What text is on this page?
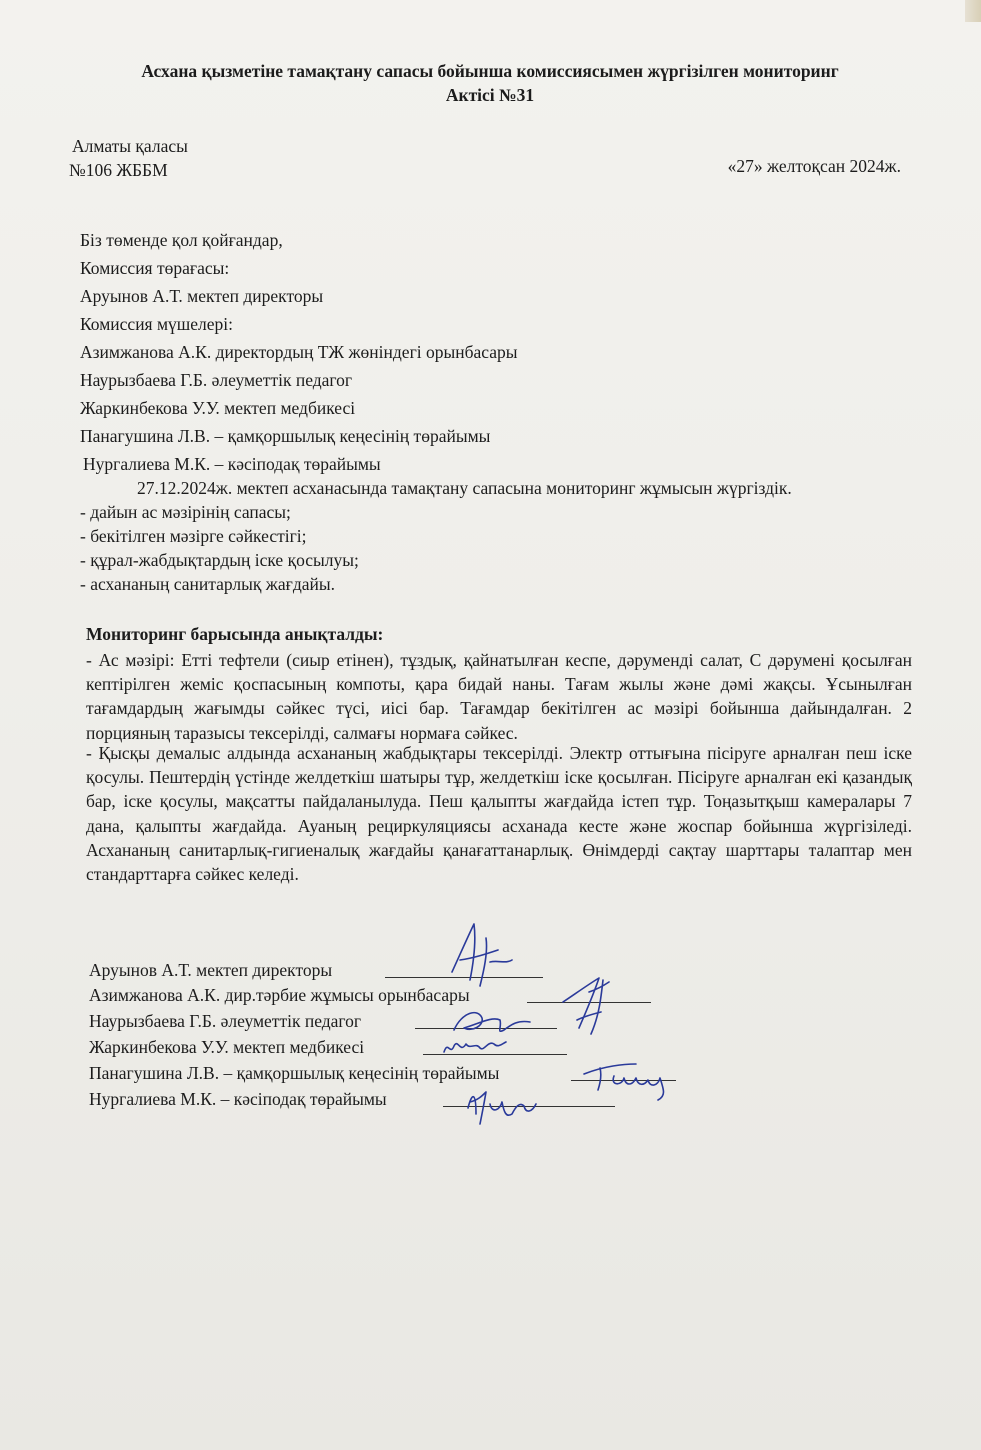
Асхана қызметіне тамақтану сапасы бойынша комиссиясымен жүргізілген мониторинг
Актісі №31
Алматы қаласы
№106 ЖББМ	«27» желтоқсан 2024ж.
Біз төменде қол қойғандар,
Комиссия төрағасы:
Аруынов А.Т. мектеп директоры
Комиссия мүшелері:
Азимжанова А.К. директордың ТЖ жөніндегі орынбасары
Наурызбаева Г.Б. әлеуметтік педагог
Жаркинбекова У.У. мектеп медбикесі
Панагушина Л.В. – қамқоршылық кеңесінің төрайымы
Нургалиева М.К. – кәсіподақ төрайымы
27.12.2024ж. мектеп асханасында тамақтану сапасына мониторинг жұмысын жүргіздік.
- дайын ас мәзірінің сапасы;
- бекітілген мәзірге сәйкестігі;
- құрал-жабдықтардың іске қосылуы;
- асхананың санитарлық жағдайы.
Мониторинг барысында анықталды:
- Ас мәзірі: Етті тефтели (сиыр етінен), тұздық, қайнатылған кеспе, дәруменді салат, С дәрумені қосылған кептірілген жеміс қоспасының компоты, қара бидай наны. Тағам жылы және дәмі жақсы. Ұсынылған тағамдардың жағымды сәйкес түсі, иісі бар. Тағамдар бекітілген ас мәзірі бойынша дайындалған. 2 порцияның таразысы тексерілді, салмағы нормаға сәйкес.
- Қысқы демалыс алдында асхананың жабдықтары тексерілді. Электр оттығына пісіруге арналған пеш іске қосулы. Пештердің үстінде желдеткіш шатыры тұр, желдеткіш іске қосылған. Пісіруге арналған екі қазандық бар, іске қосулы, мақсатты пайдаланылуда. Пеш қалыпты жағдайда істеп тұр. Тоңазытқыш камералары 7 дана, қалыпты жағдайда. Ауаның рециркуляциясы асханада кесте және жоспар бойынша жүргізіледі. Асхананың санитарлық-гигиеналық жағдайы қанағаттанарлық. Өнімдерді сақтау шарттары талаптар мен стандарттарға сәйкес келеді.
Аруынов А.Т. мектеп директоры
Азимжанова А.К. дир.тәрбие жұмысы орынбасары
Наурызбаева Г.Б. әлеуметтік педагог
Жаркинбекова У.У. мектеп медбикесі
Панагушина Л.В. – қамқоршылық кеңесінің төрайымы
Нургалиева М.К. – кәсіподақ төрайымы
